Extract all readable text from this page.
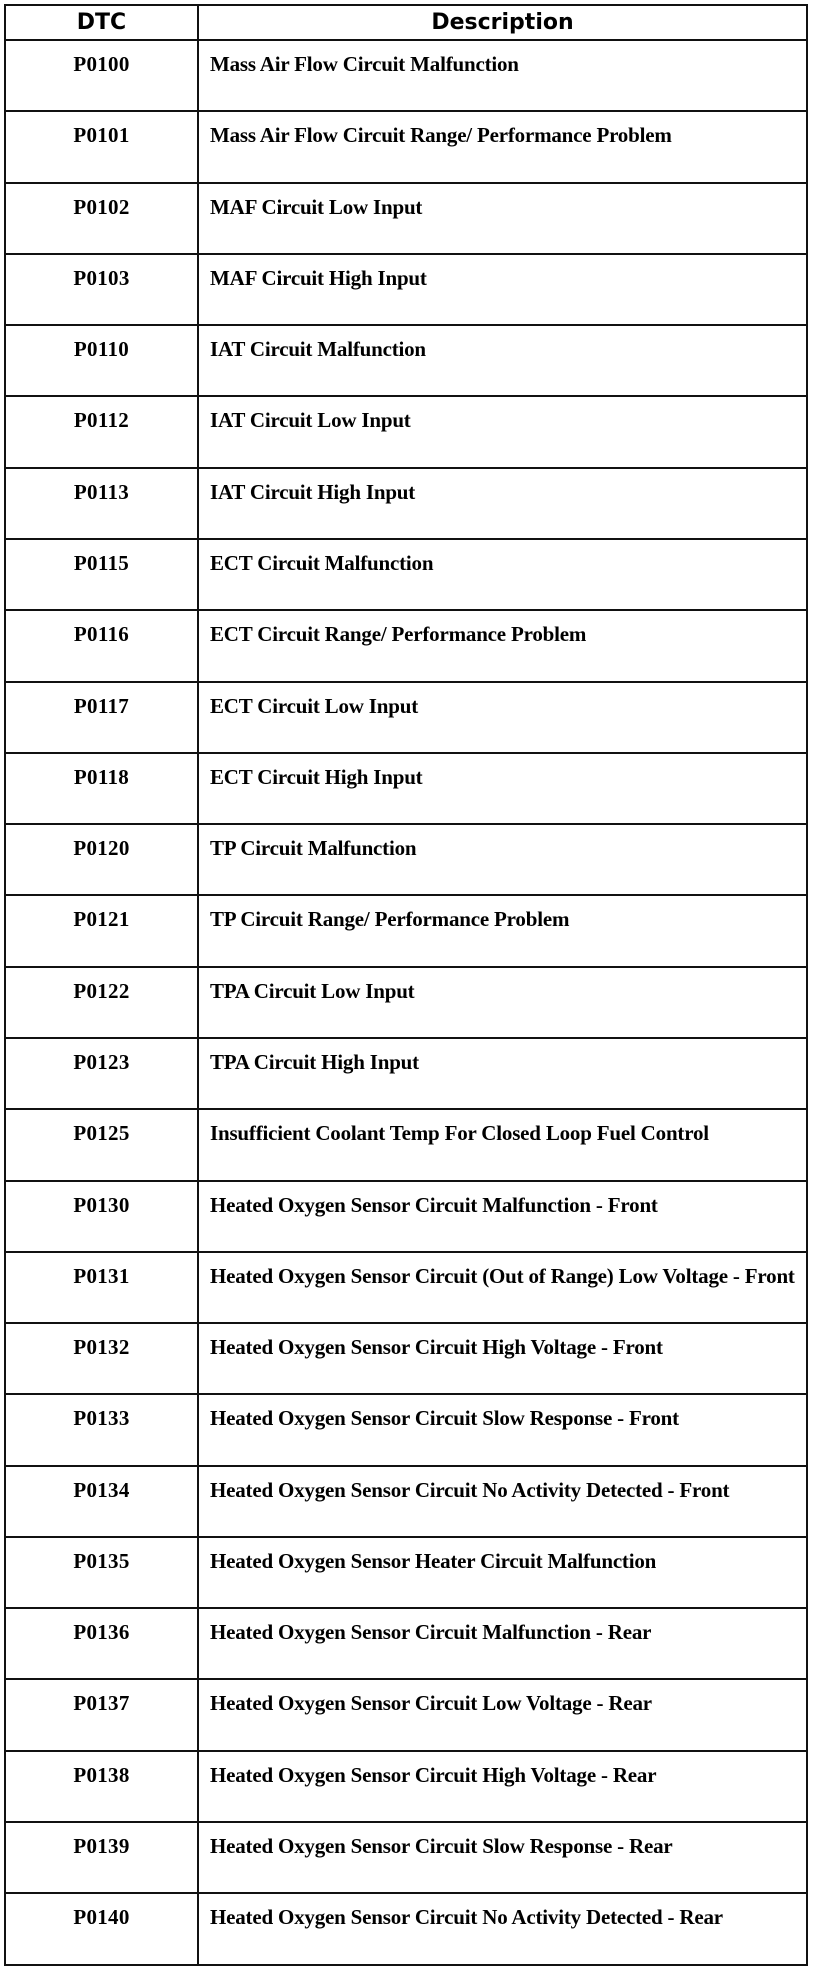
DTC	Description
P0100	Mass Air Flow Circuit Malfunction
P0101	Mass Air Flow Circuit Range/ Performance Problem
P0102	MAF Circuit Low Input
P0103	MAF Circuit High Input
P0110	IAT Circuit Malfunction
P0112	IAT Circuit Low Input
P0113	IAT Circuit High Input
P0115	ECT Circuit Malfunction
P0116	ECT Circuit Range/ Performance Problem
P0117	ECT Circuit Low Input
P0118	ECT Circuit High Input
P0120	TP Circuit Malfunction
P0121	TP Circuit Range/ Performance Problem
P0122	TPA Circuit Low Input
P0123	TPA Circuit High Input
P0125	Insufficient Coolant Temp For Closed Loop Fuel Control
P0130	Heated Oxygen Sensor Circuit Malfunction - Front
P0131	Heated Oxygen Sensor Circuit (Out of Range) Low Voltage - Front
P0132	Heated Oxygen Sensor Circuit High Voltage - Front
P0133	Heated Oxygen Sensor Circuit Slow Response - Front
P0134	Heated Oxygen Sensor Circuit No Activity Detected - Front
P0135	Heated Oxygen Sensor Heater Circuit Malfunction
P0136	Heated Oxygen Sensor Circuit Malfunction - Rear
P0137	Heated Oxygen Sensor Circuit Low Voltage - Rear
P0138	Heated Oxygen Sensor Circuit High Voltage - Rear
P0139	Heated Oxygen Sensor Circuit Slow Response - Rear
P0140	Heated Oxygen Sensor Circuit No Activity Detected - Rear
